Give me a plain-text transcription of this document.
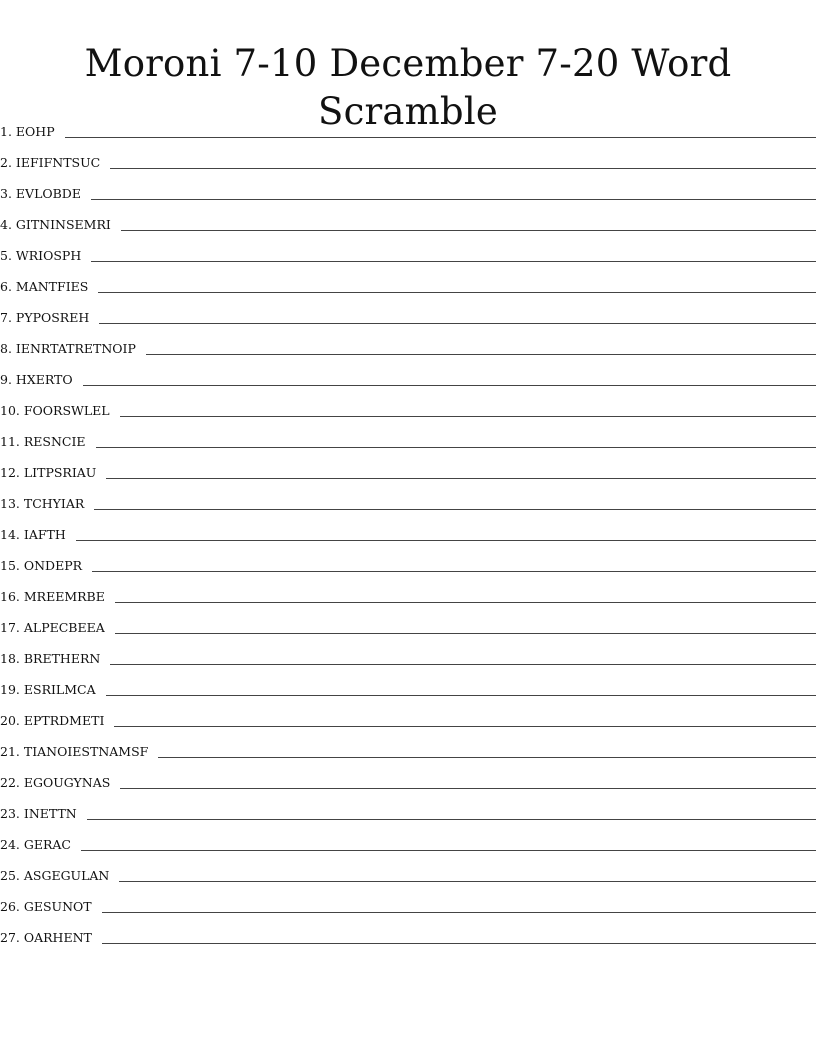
Moroni 7-10 December 7-20 Word Scramble
1. EOHP
2. IEFIFNTSUC
3. EVLOBDE
4. GITNINSEMRI
5. WRIOSPH
6. MANTFIES
7. PYPOSREH
8. IENRTATRETNOIP
9. HXERTO
10. FOORSWLEL
11. RESNCIE
12. LITPSRIAU
13. TCHYIAR
14. IAFTH
15. ONDEPR
16. MREEMRBE
17. ALPECBEEA
18. BRETHERN
19. ESRILMCA
20. EPTRDMETI
21. TIANOIESTNAMSF
22. EGOUGYNAS
23. INETTN
24. GERAC
25. ASGEGULAN
26. GESUNOT
27. OARHENT
